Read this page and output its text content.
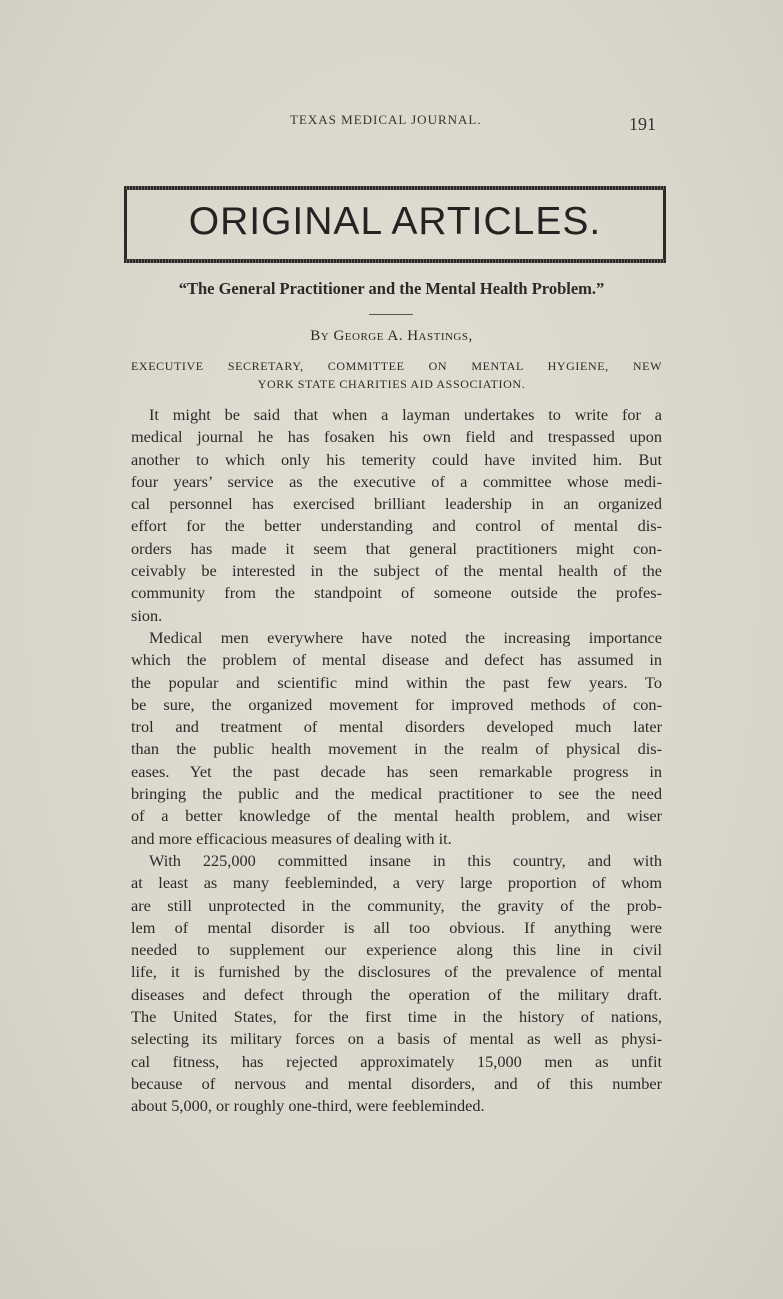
TEXAS MEDICAL JOURNAL.	191
ORIGINAL ARTICLES.
“The General Practitioner and the Mental Health Problem.”
By George A. Hastings,
EXECUTIVE SECRETARY, COMMITTEE ON MENTAL HYGIENE, NEW
YORK STATE CHARITIES AID ASSOCIATION.
It might be said that when a layman undertakes to write for a
medical journal he has fosaken his own field and trespassed upon
another to which only his temerity could have invited him. But
four years’ service as the executive of a committee whose medi-
cal personnel has exercised brilliant leadership in an organized
effort for the better understanding and control of mental dis-
orders has made it seem that general practitioners might con-
ceivably be interested in the subject of the mental health of the
community from the standpoint of someone outside the profes-
sion.
Medical men everywhere have noted the increasing importance
which the problem of mental disease and defect has assumed in
the popular and scientific mind within the past few years. To
be sure, the organized movement for improved methods of con-
trol and treatment of mental disorders developed much later
than the public health movement in the realm of physical dis-
eases. Yet the past decade has seen remarkable progress in
bringing the public and the medical practitioner to see the need
of a better knowledge of the mental health problem, and wiser
and more efficacious measures of dealing with it.
With 225,000 committed insane in this country, and with
at least as many feebleminded, a very large proportion of whom
are still unprotected in the community, the gravity of the prob-
lem of mental disorder is all too obvious. If anything were
needed to supplement our experience along this line in civil
life, it is furnished by the disclosures of the prevalence of mental
diseases and defect through the operation of the military draft.
The United States, for the first time in the history of nations,
selecting its military forces on a basis of mental as well as physi-
cal fitness, has rejected approximately 15,000 men as unfit
because of nervous and mental disorders, and of this number
about 5,000, or roughly one-third, were feebleminded.
